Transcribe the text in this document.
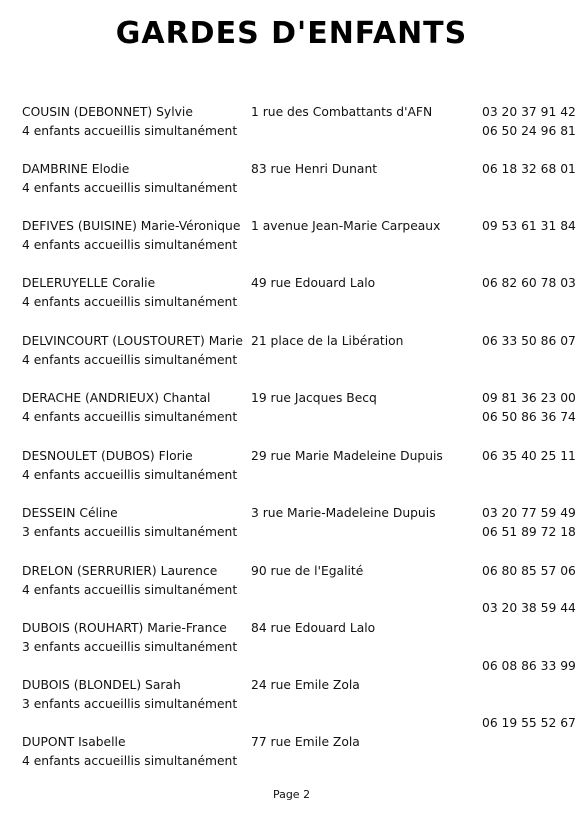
GARDES D'ENFANTS
COUSIN (DEBONNET) Sylvie
4 enfants accueillis simultanément
1 rue des Combattants d'AFN
DAMBRINE Elodie
4 enfants accueillis simultanément
83 rue Henri Dunant
DEFIVES (BUISINE) Marie-Véronique
4 enfants accueillis simultanément
1 avenue Jean-Marie Carpeaux
DELERUYELLE Coralie
4 enfants accueillis simultanément
49 rue Edouard Lalo
DELVINCOURT (LOUSTOURET) Marie
4 enfants accueillis simultanément
21 place de la Libération
DERACHE (ANDRIEUX) Chantal
4 enfants accueillis simultanément
19 rue Jacques Becq
DESNOULET (DUBOS) Florie
4 enfants accueillis simultanément
29 rue Marie Madeleine Dupuis
DESSEIN Céline
3 enfants accueillis simultanément
3 rue Marie-Madeleine Dupuis
DRELON (SERRURIER) Laurence
4 enfants accueillis simultanément
90 rue de l'Egalité
DUBOIS (ROUHART) Marie-France
3 enfants accueillis simultanément
84 rue Edouard Lalo
DUBOIS (BLONDEL) Sarah
3 enfants accueillis simultanément
24 rue Emile Zola
DUPONT Isabelle
4 enfants accueillis simultanément
77 rue Emile Zola
03 20 37 91 42
06 50 24 96 81
06 18 32 68 01
09 53 61 31 84
06 82 60 78 03
06 33 50 86 07
09 81 36 23 00
06 50 86 36 74
06 35 40 25 11
03 20 77 59 49
06 51 89 72 18
06 80 85 57 06
03 20 38 59 44
06 08 86 33 99
06 19 55 52 67
Page 2
